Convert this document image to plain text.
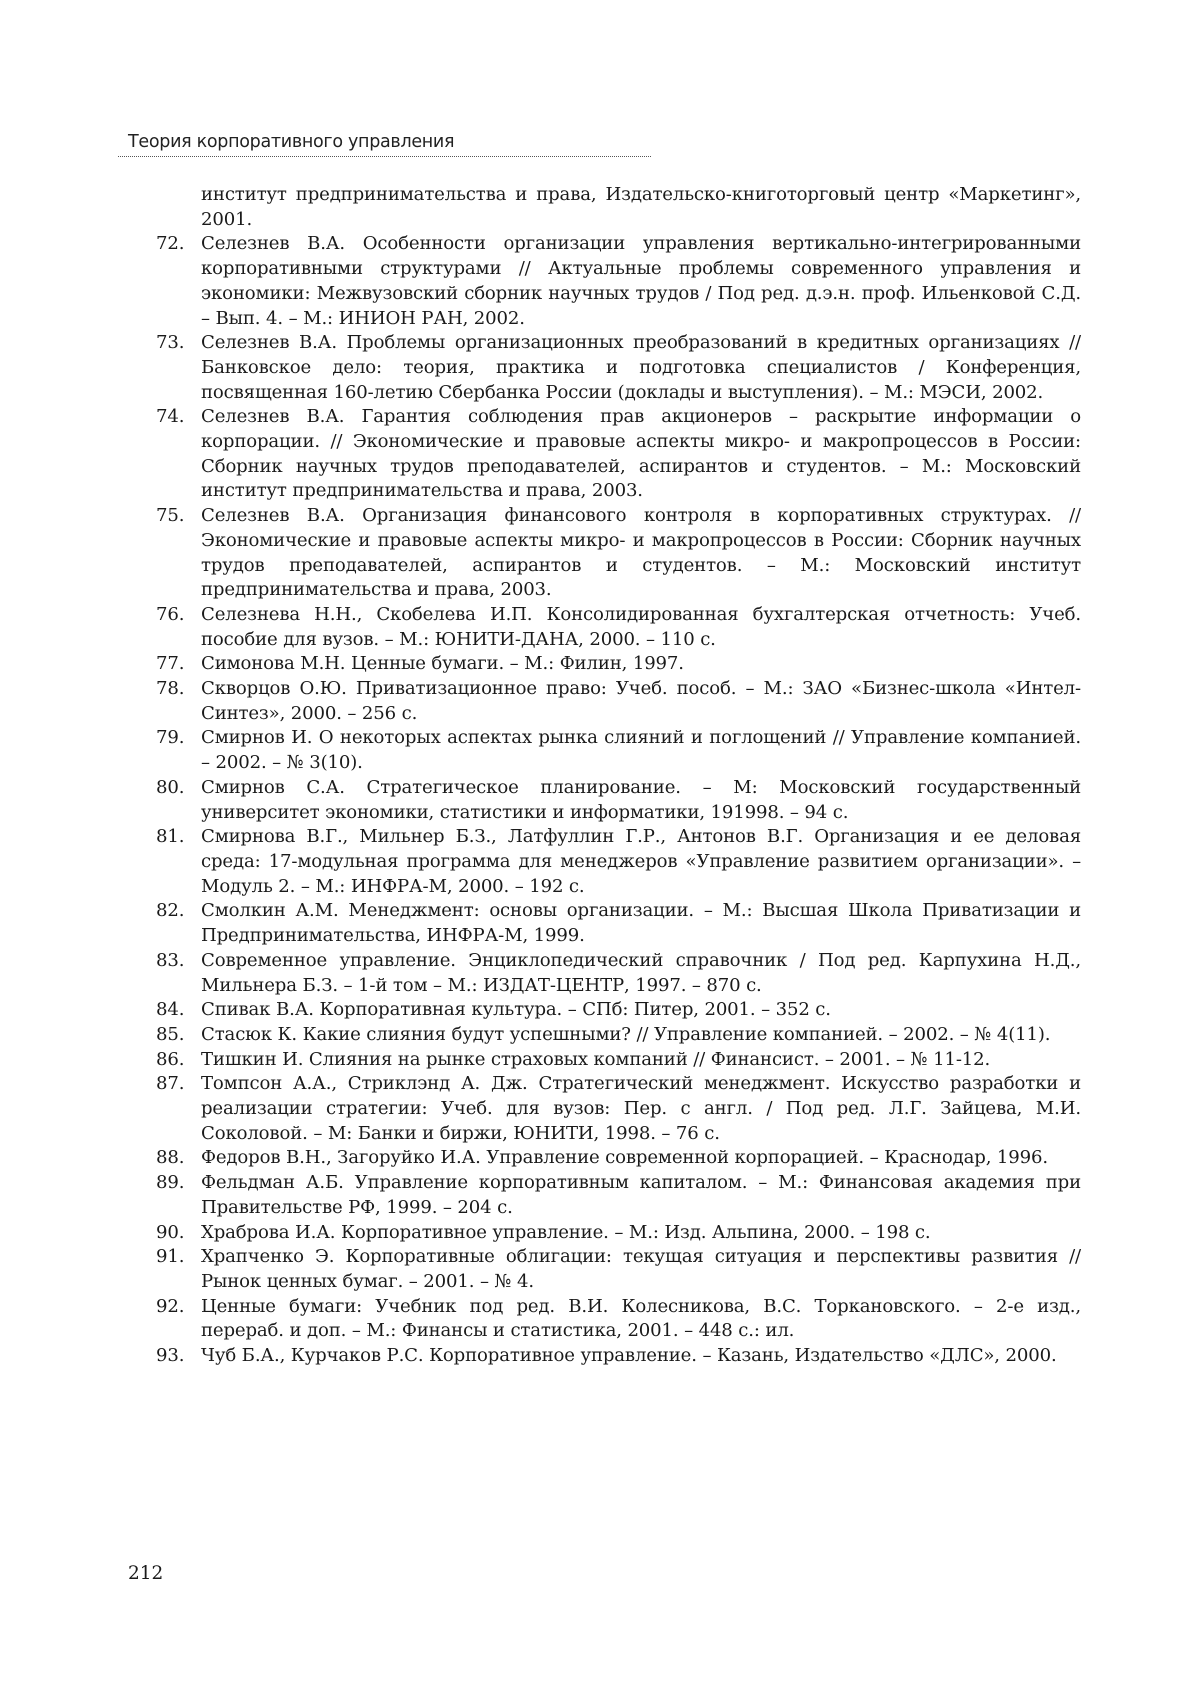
Теория корпоративного управления

институт предпринимательства и права, Издательско-книготорговый центр «Маркетинг», 2001.

72. Селезнев В.А. Особенности организации управления вертикально-интегрированными корпоративными структурами // Актуальные проблемы современного управления и экономики: Межвузовский сборник научных трудов / Под ред. д.э.н. проф. Ильенковой С.Д. – Вып. 4. – М.: ИНИОН РАН, 2002.
73. Селезнев В.А. Проблемы организационных преобразований в кредитных организациях // Банковское дело: теория, практика и подготовка специалистов / Конференция, посвященная 160-летию Сбербанка России (доклады и выступления). – М.: МЭСИ, 2002.
74. Селезнев В.А. Гарантия соблюдения прав акционеров – раскрытие информации о корпорации. // Экономические и правовые аспекты микро- и макропроцессов в России: Сборник научных трудов преподавателей, аспирантов и студентов. – М.: Московский институт предпринимательства и права, 2003.
75. Селезнев В.А. Организация финансового контроля в корпоративных структурах. // Экономические и правовые аспекты микро- и макропроцессов в России: Сборник научных трудов преподавателей, аспирантов и студентов. – М.: Московский институт предпринимательства и права, 2003.
76. Селезнева Н.Н., Скобелева И.П. Консолидированная бухгалтерская отчетность: Учеб. пособие для вузов. – М.: ЮНИТИ-ДАНА, 2000. – 110 с.
77. Симонова М.Н. Ценные бумаги. – М.: Филин, 1997.
78. Скворцов О.Ю. Приватизационное право: Учеб. пособ. – М.: ЗАО «Бизнес-школа «Интел-Синтез», 2000. – 256 с.
79. Смирнов И. О некоторых аспектах рынка слияний и поглощений // Управление компанией. – 2002. – № 3(10).
80. Смирнов С.А. Стратегическое планирование. – М: Московский государственный университет экономики, статистики и информатики, 191998. – 94 с.
81. Смирнова В.Г., Мильнер Б.З., Латфуллин Г.Р., Антонов В.Г. Организация и ее деловая среда: 17-модульная программа для менеджеров «Управление развитием организации». – Модуль 2. – М.: ИНФРА-М, 2000. – 192 с.
82. Смолкин А.М. Менеджмент: основы организации. – М.: Высшая Школа Приватизации и Предпринимательства, ИНФРА-М, 1999.
83. Современное управление. Энциклопедический справочник / Под ред. Карпухина Н.Д., Мильнера Б.З. – 1-й том – М.: ИЗДАТ-ЦЕНТР, 1997. – 870 с.
84. Спивак В.А. Корпоративная культура. – СПб: Питер, 2001. – 352 с.
85. Стасюк К. Какие слияния будут успешными? // Управление компанией. – 2002. – № 4(11).
86. Тишкин И. Слияния на рынке страховых компаний // Финансист. – 2001. – № 11-12.
87. Томпсон А.А., Стриклэнд А. Дж. Стратегический менеджмент. Искусство разработки и реализации стратегии: Учеб. для вузов: Пер. с англ. / Под ред. Л.Г. Зайцева, М.И. Соколовой. – М: Банки и биржи, ЮНИТИ, 1998. – 76 с.
88. Федоров В.Н., Загоруйко И.А. Управление современной корпорацией. – Краснодар, 1996.
89. Фельдман А.Б. Управление корпоративным капиталом. – М.: Финансовая академия при Правительстве РФ, 1999. – 204 с.
90. Храброва И.А. Корпоративное управление. – М.: Изд. Альпина, 2000. – 198 с.
91. Храпченко Э. Корпоративные облигации: текущая ситуация и перспективы развития // Рынок ценных бумаг. – 2001. – № 4.
92. Ценные бумаги: Учебник под ред. В.И. Колесникова, В.С. Торкановского. – 2-е изд., перераб. и доп. – М.: Финансы и статистика, 2001. – 448 с.: ил.
93. Чуб Б.А., Курчаков Р.С. Корпоративное управление. – Казань, Издательство «ДЛС», 2000.
212
